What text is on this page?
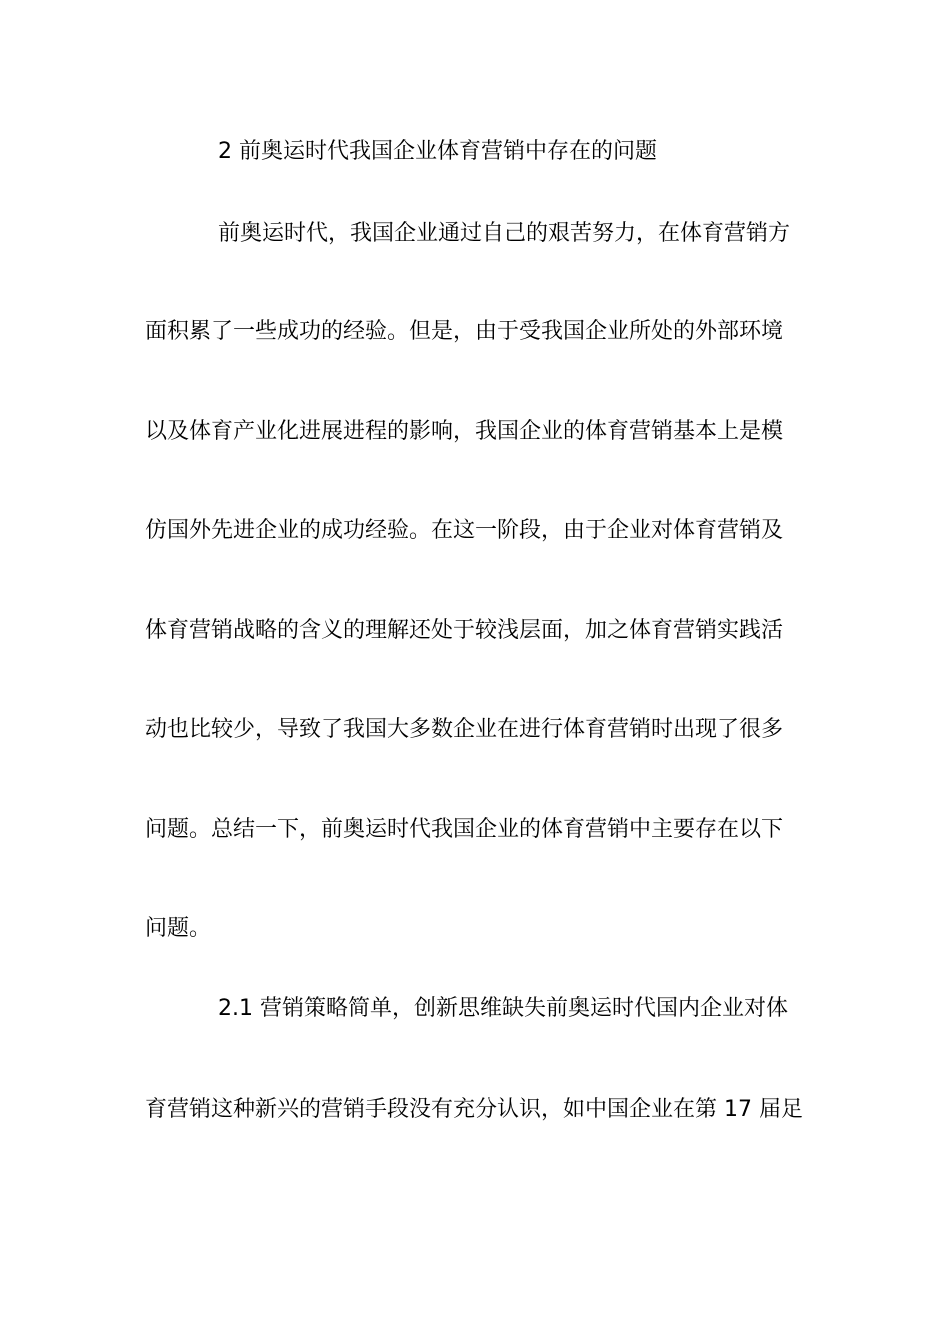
2 前奥运时代我国企业体育营销中存在的问题
前奥运时代，我国企业通过自己的艰苦努力，在体育营销方
面积累了一些成功的经验。但是，由于受我国企业所处的外部环境
以及体育产业化进展进程的影响，我国企业的体育营销基本上是模
仿国外先进企业的成功经验。在这一阶段，由于企业对体育营销及
体育营销战略的含义的理解还处于较浅层面，加之体育营销实践活
动也比较少，导致了我国大多数企业在进行体育营销时出现了很多
问题。总结一下，前奥运时代我国企业的体育营销中主要存在以下
问题。
2.1 营销策略简单，创新思维缺失前奥运时代国内企业对体
育营销这种新兴的营销手段没有充分认识，如中国企业在第 17 届足
